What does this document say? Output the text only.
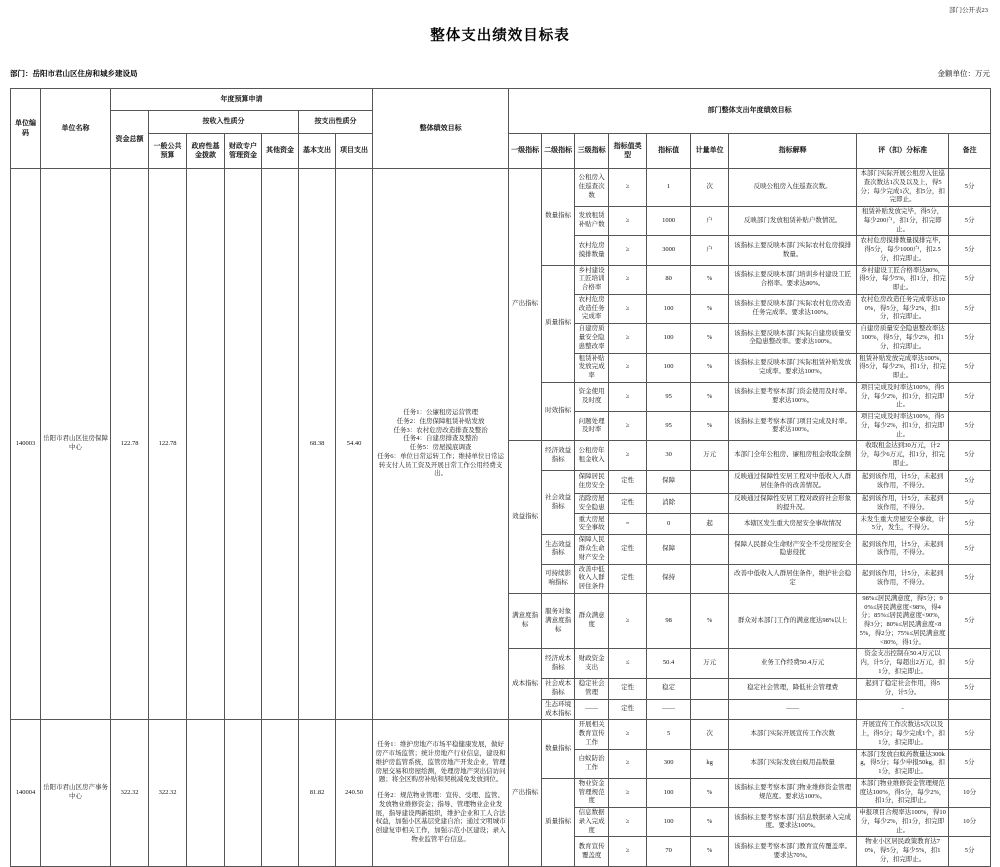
部门公开表23
整体支出绩效目标表
部门：岳阳市君山区住房和城乡建设局	金额单位：万元
单位编码	单位名称	年度预算申请							整体绩效目标	部门整体支出年度绩效目标								
		资金总额	按收入性质分				按支出性质分											
			一般公共预算	政府性基金拨款	财政专户管理资金	其他资金	基本支出	项目支出		一级指标	二级指标	三级指标	指标值类型	指标值	计量单位	指标解释	评（扣）分标准	备注
140003	岳阳市君山区住房保障中心	122.78	122.78				68.38	54.40	
任务1：公廉租房运营管理
任务2：住房保障租赁补贴发放
任务3：农村危房改造排查及整治
任务4：自建房排查及整治
任务5：房屋摸底调查
任务6：单位日常运转工作；维持单位日常运转支付人员工资及开展日常工作公用经费支出。
	产出指标	数量指标	公租房入住巡查次数	≥	1	次	反映公租房入住巡查次数。	本部门实际开展公租房入住巡查次数达1次及以及上，得5分；每少完成1次，扣5分，扣完即止。	5分
												发放租赁补贴户数	≥	1000	户	反映部门发放租赁补贴户数情况。	租赁补贴发放完毕，得5分，每少200户，扣1分，扣完即止。	5分
												农村危房摸排数量	≥	3000	户	该指标主要反映本部门实际农村危房摸排数量。	农村危房摸排数量摸排完毕，得5分，每少1000户，扣2.5分，扣完即止。	5分
											质量指标	乡村建设工匠培训合格率	≥	80	%	该指标主要反映本部门培训乡村建设工匠合格率。要求达80%。	乡村建设工匠合格率达80%，得5分，每少5%，扣1分，扣完即止。	5分
												农村危房改造任务完成率	≥	100	%	该指标主要反映本部门实际农村危房改造任务完成率。要求达100%。	农村危房改造任务完成率达100%，得5分，每少2%，扣1分，扣完即止。	5分
												自建房质量安全隐患整改率	≥	100	%	该指标主要反映本部门实际自建房质量安全隐患整改率。要求达100%。	自建房质量安全隐患整改率达100%，得5分，每少2%，扣1分，扣完即止。	5分
												租赁补贴发放完成率	≥	100	%	该指标主要反映本部门实际租赁补贴发放完成率。要求达100%。	租赁补贴发放完成率达100%，得5分，每少2%，扣1分，扣完即止。	5分
											时效指标	资金使用及时度	≥	95	%	该指标主要考察本部门资金使用及时率。要求达100%。	项目完成及时率达100%，得5分，每少2%，扣1分，扣完即止。	5分
												问题处理及时率	≥	95	%	该指标主要考察本部门项目完成及时率。要求达100%。	项目完成及时率达100%，得5分，每少2%，扣1分，扣完即止。	5分
										效益指标	经济效益指标	公租房年租金收入	≥	30	万元	本部门全年公租房、廉租房租金收取金额	收取租金达到30万元，计2分，每少6万元，扣1分，扣完即止。	5分
											社会效益指标	保障居民住房安全	定性	保障		反映通过保障性安居工程对中低收入人群居住条件的改善情况。	起到该作用，计5分，未起到该作用，不得分。	5分
												消除房屋安全隐患	定性	消除		反映通过保障性安居工程对政府社会形象的提升况。	起到该作用，计5分，未起到该作用，不得分。	5分
												重大房屋安全事故	=	0	起	本辖区发生重大房屋安全事故情况	未发生重大房屋安全事故，计5分，发生，不得分。	5分
											生态效益指标	保障人民群众生命财产安全	定性	保障		保障人民群众生命财产安全不受房屋安全隐患侵扰	起到该作用，计5分，未起到该作用，不得分。	5分
											可持续影响指标	改善中低收入人群居住条件	定性	保持		改善中低收入人群居住条件，维护社会稳定	起到该作用，计5分，未起到该作用，不得分。	5分
										满意度指标	服务对象满意度指标	群众满意度	≥	98	%	群众对本部门工作的满意度达98%以上	98%≤居民满意度，得5分；90%≤居民满意度<98%，得4分；85%≤居民满意度<90%，得3分；80%≤居民满意度<85%，得2分；75%≤居民满意度<80%，得1分。	5分
										成本指标	经济成本指标	财政资金支出	≤	50.4	万元	业务工作经费50.4万元	资金支出控制在50.4万元以内，计5分，每超出2万元，扣1分，扣完即止。	5分
											社会成本指标	稳定社会管理	定性	稳定		稳定社会管理，降低社会管理费	起到了稳定社会作用，得5分，计5分。	5分
											生态环境成本指标	——	定性	——		——	-	
140004	岳阳市君山区房产事务中心	322.32	322.32				81.82	240.50	任务1：维护房地产市场平稳健康发展，做好房产市场监管；统计房地产行业信息，建设和维护房监管系统，监管房地产开发企业，管理房屋交易和房屋绘测，处理房地产突出信访问题；将全区购房补贴和契税减免发放到位。
任务2：规范物业管理：宣传、受理、监管、发放物业维修资金；指导、管理物业企业发展，指导建设两新组织，维护企业和工人合法权益，加强小区基层党建自治；通过文明城市创建复审相关工作，加强示范小区建设；录入物业监管平台信息。	产出指标	数量指标	开展相关教育宣传工作	≥	5	次	本部门实际开展宣传工作次数	开展宣传工作次数达5次以及上，得5分；每少完成1个，扣1分，扣完即止。	5分
												白蚁防治工作	≥	300	kg	本部门实际发放白蚁用品数量	本部门发放白蚁药数量达300kg，得5分；每少申报50kg，扣1分，扣完即止。	5分
											质量指标	物业资金管理规范度	≥	100	%	该指标主要考察本部门物业维修资金管理规范度。要求达100%。	本部门物业维修资金管理规范度达100%，得5分，每少2%，扣1分，扣完即止。	10分
												信息数据录入完成度	≥	100	%	该指标主要考察本部门信息数据录入完成度。要求达100%。	申报项目合规率达100%，得10分，每少2%，扣1分，扣完即止。	10分
												教育宣传覆盖度	≥	70	%	该指标主要考察本部门教育宣传覆盖率。要求达70%。	物业小区居民政策教育达70%，得5分，每少5%，扣1分，扣完即止。	5分
